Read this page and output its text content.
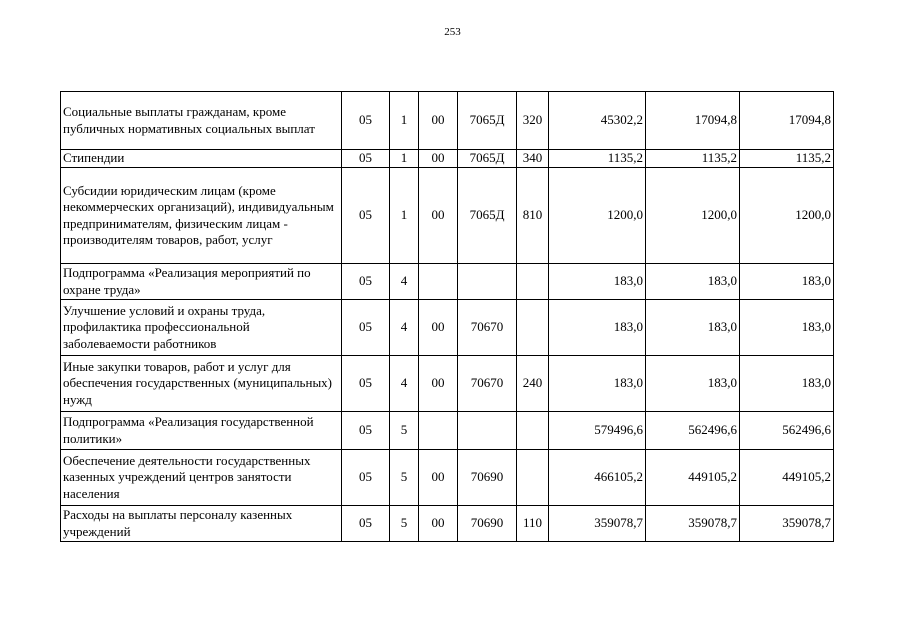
253
Социальные выплаты гражданам, кроме публичных нормативных социальных выплат	05	1	00	7065Д	320	45302,2	17094,8	17094,8
Стипендии	05	1	00	7065Д	340	1135,2	1135,2	1135,2
Субсидии юридическим лицам (кроме некоммерческих организаций), индивидуальным предпринимателям, физическим лицам - производителям товаров, работ, услуг	05	1	00	7065Д	810	1200,0	1200,0	1200,0
Подпрограмма «Реализация мероприятий по охране труда»	05	4				183,0	183,0	183,0
Улучшение условий и охраны труда, профилактика профессиональной заболеваемости работников	05	4	00	70670		183,0	183,0	183,0
Иные закупки товаров, работ и услуг для обеспечения государственных (муниципальных) нужд	05	4	00	70670	240	183,0	183,0	183,0
Подпрограмма «Реализация государственной политики»	05	5				579496,6	562496,6	562496,6
Обеспечение деятельности государственных казенных учреждений центров занятости населения	05	5	00	70690		466105,2	449105,2	449105,2
Расходы на выплаты персоналу казенных учреждений	05	5	00	70690	110	359078,7	359078,7	359078,7
